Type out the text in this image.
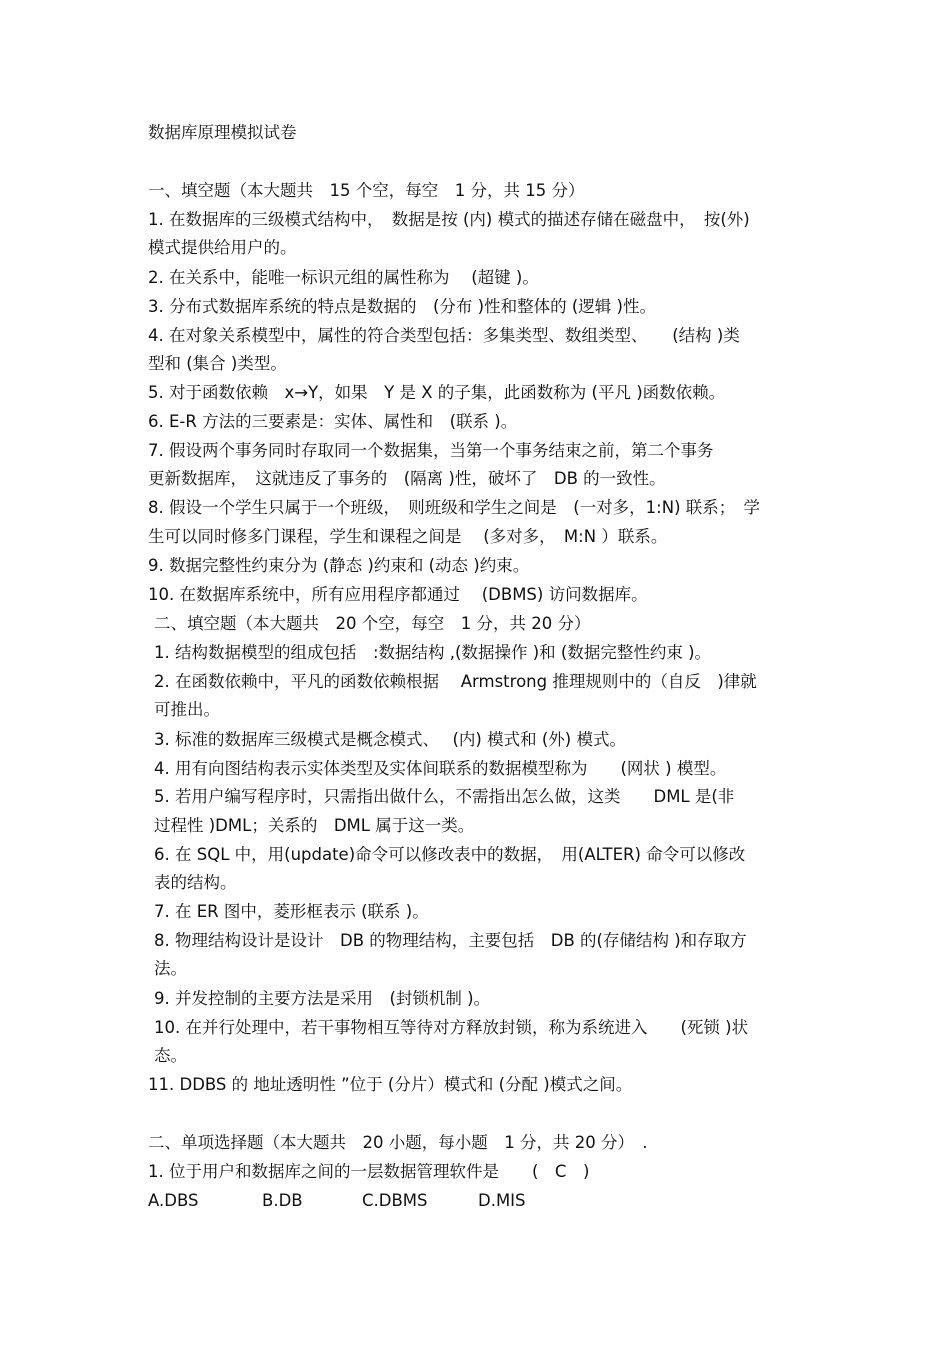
数据库原理模拟试卷
一、填空题（本大题共　15 个空，每空　1 分，共 15 分）
1. 在数据库的三级模式结构中，　数据是按 (内) 模式的描述存储在磁盘中，　按(外)
模式提供给用户的。
2. 在关系中，能唯一标识元组的属性称为　 (超键 )。
3. 分布式数据库系统的特点是数据的　(分布 )性和整体的 (逻辑 )性。
4. 在对象关系模型中，属性的符合类型包括：多集类型、数组类型、　　(结构 )类
型和 (集合 )类型。
5. 对于函数依赖　x→Y，如果　Y 是 X 的子集，此函数称为 (平凡 )函数依赖。
6. E-R 方法的三要素是：实体、属性和　(联系 )。
7. 假设两个事务同时存取同一个数据集，当第一个事务结束之前，第二个事务
更新数据库，　这就违反了事务的　(隔离 )性，破坏了　DB 的一致性。
8. 假设一个学生只属于一个班级，　则班级和学生之间是　(一对多，1:N) 联系；　学
生可以同时修多门课程，学生和课程之间是　 (多对多，　M:N ）联系。
9. 数据完整性约束分为 (静态 )约束和 (动态 )约束。
10. 在数据库系统中，所有应用程序都通过　 (DBMS) 访问数据库。
二、填空题（本大题共　20 个空，每空　1 分，共 20 分）
1. 结构数据模型的组成包括　:数据结构 ,(数据操作 )和 (数据完整性约束 )。
2. 在函数依赖中，平凡的函数依赖根据　 Armstrong 推理规则中的（自反　)律就
可推出。
3. 标准的数据库三级模式是概念模式、　 (内) 模式和 (外) 模式。
4. 用有向图结构表示实体类型及实体间联系的数据模型称为　　(网状 ) 模型。
5. 若用户编写程序时，只需指出做什么，不需指出怎么做，这类　　DML 是(非
过程性 )DML；关系的　DML 属于这一类。
6. 在 SQL 中，用(update)命令可以修改表中的数据，　用(ALTER) 命令可以修改
表的结构。
7. 在 ER 图中，菱形框表示 (联系 )。
8. 物理结构设计是设计　DB 的物理结构，主要包括　DB 的(存储结构 )和存取方
法。
9. 并发控制的主要方法是采用　(封锁机制 )。
10. 在并行处理中，若干事物相互等待对方释放封锁，称为系统进入　　(死锁 )状
态。
11. DDBS 的 地址透明性 ”位于 (分片）模式和 (分配 )模式之间。
二、单项选择题（本大题共　20 小题，每小题　1 分，共 20 分）　.
1. 位于用户和数据库之间的一层数据管理软件是　　(　C　)
A.DBS	B.DB	C.DBMS	D.MIS
